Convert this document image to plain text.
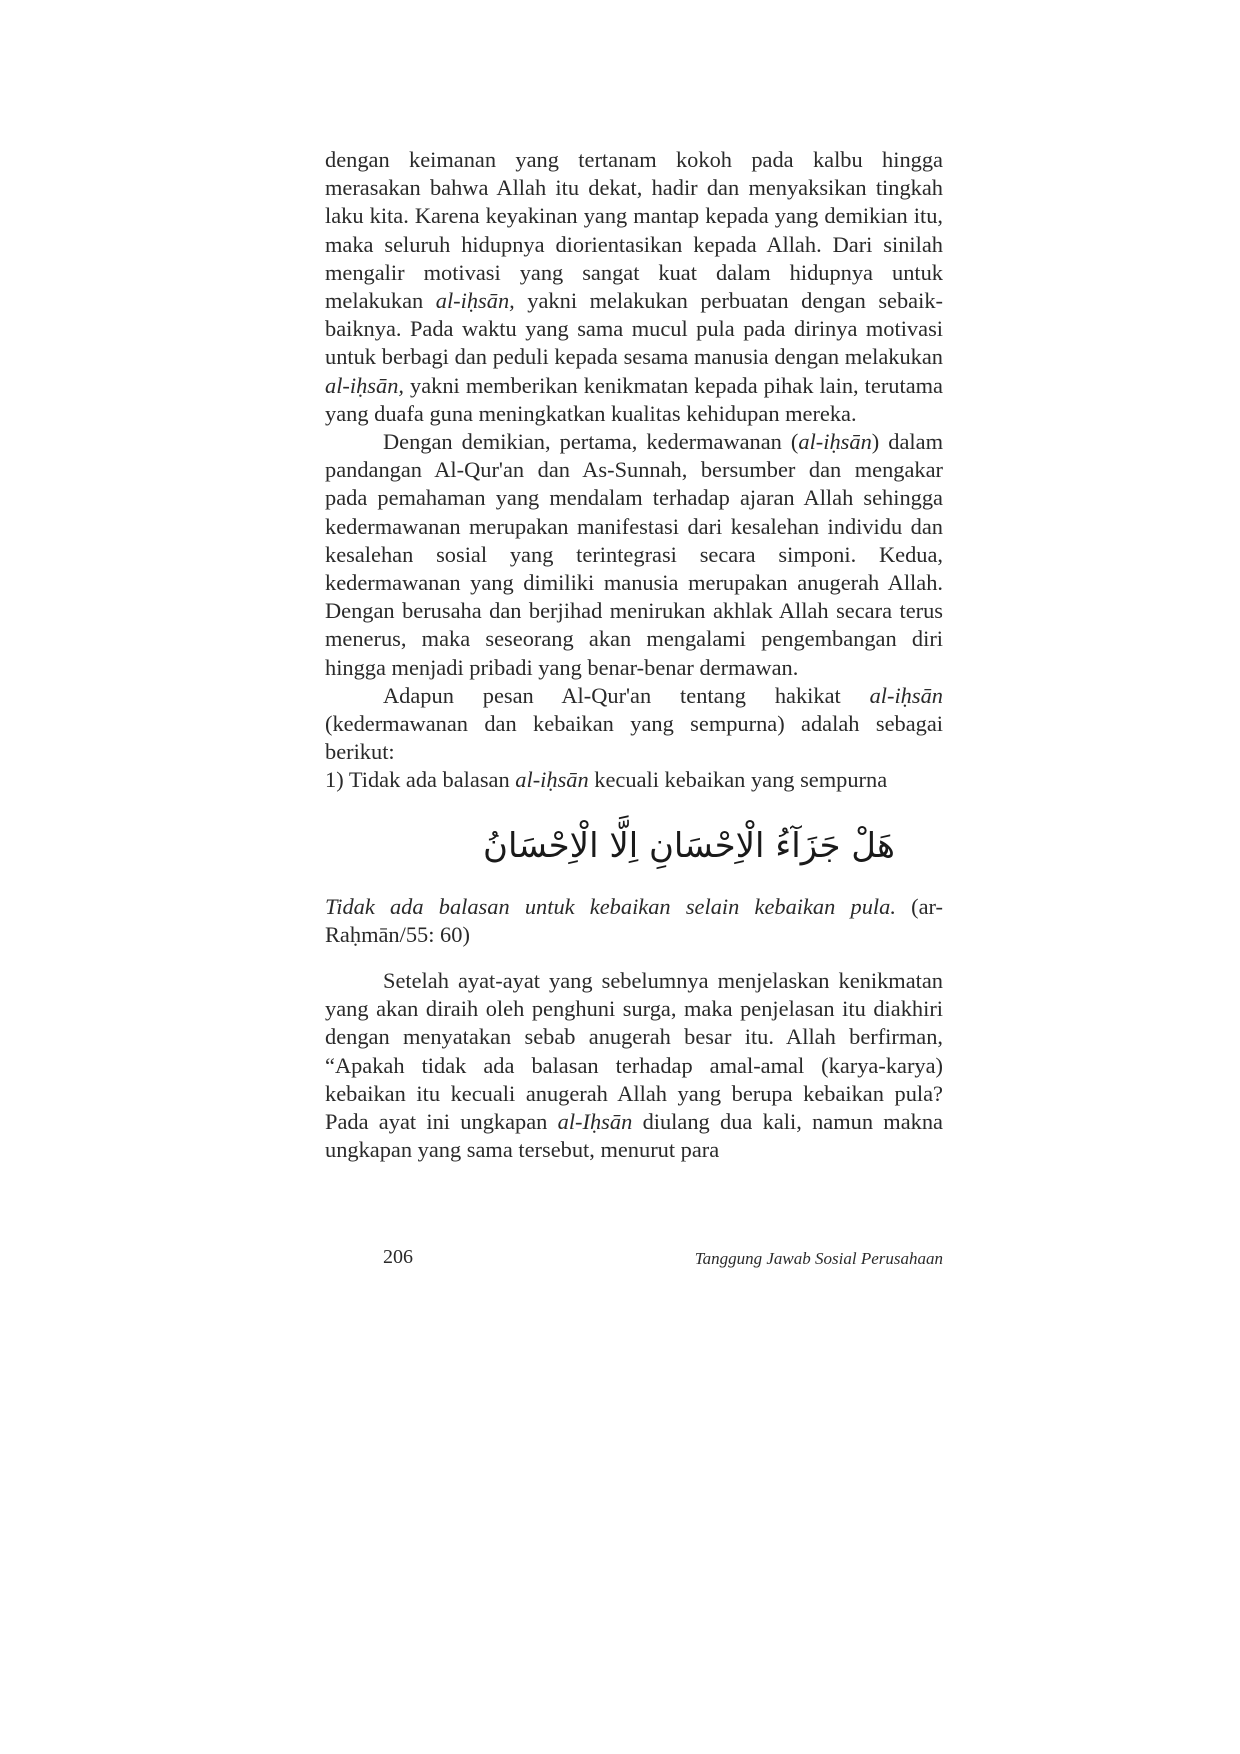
dengan keimanan yang tertanam kokoh pada kalbu hingga merasakan bahwa Allah itu dekat, hadir dan menyaksikan tingkah laku kita. Karena keyakinan yang mantap kepada yang demikian itu, maka seluruh hidupnya diorientasikan kepada Allah. Dari sinilah mengalir motivasi yang sangat kuat dalam hidupnya untuk melakukan al-iḥsān, yakni melakukan perbuatan dengan sebaik-baiknya. Pada waktu yang sama mucul pula pada dirinya motivasi untuk berbagi dan peduli kepada sesama manusia dengan melakukan al-iḥsān, yakni memberikan kenikmatan kepada pihak lain, terutama yang duafa guna meningkatkan kualitas kehidupan mereka.

Dengan demikian, pertama, kedermawanan (al-iḥsān) dalam pandangan Al-Qur'an dan As-Sunnah, bersumber dan mengakar pada pemahaman yang mendalam terhadap ajaran Allah sehingga kedermawanan merupakan manifestasi dari kesalehan individu dan kesalehan sosial yang terintegrasi secara simponi. Kedua, kedermawanan yang dimiliki manusia merupakan anugerah Allah. Dengan berusaha dan berjihad menirukan akhlak Allah secara terus menerus, maka seseorang akan mengalami pengembangan diri hingga menjadi pribadi yang benar-benar dermawan.

Adapun pesan Al-Qur'an tentang hakikat al-iḥsān (kedermawanan dan kebaikan yang sempurna) adalah sebagai berikut:

1) Tidak ada balasan al-iḥsān kecuali kebaikan yang sempurna

هَلْ جَزَآءُ الْاِحْسَانِ اِلَّا الْاِحْسَانُ

Tidak ada balasan untuk kebaikan selain kebaikan pula. (ar-Raḥmān/55: 60)

Setelah ayat-ayat yang sebelumnya menjelaskan kenikmatan yang akan diraih oleh penghuni surga, maka penjelasan itu diakhiri dengan menyatakan sebab anugerah besar itu. Allah berfirman, “Apakah tidak ada balasan terhadap amal-amal (karya-karya) kebaikan itu kecuali anugerah Allah yang berupa kebaikan pula? Pada ayat ini ungkapan al-Iḥsān diulang dua kali, namun makna ungkapan yang sama tersebut, menurut para

206	Tanggung Jawab Sosial Perusahaan
